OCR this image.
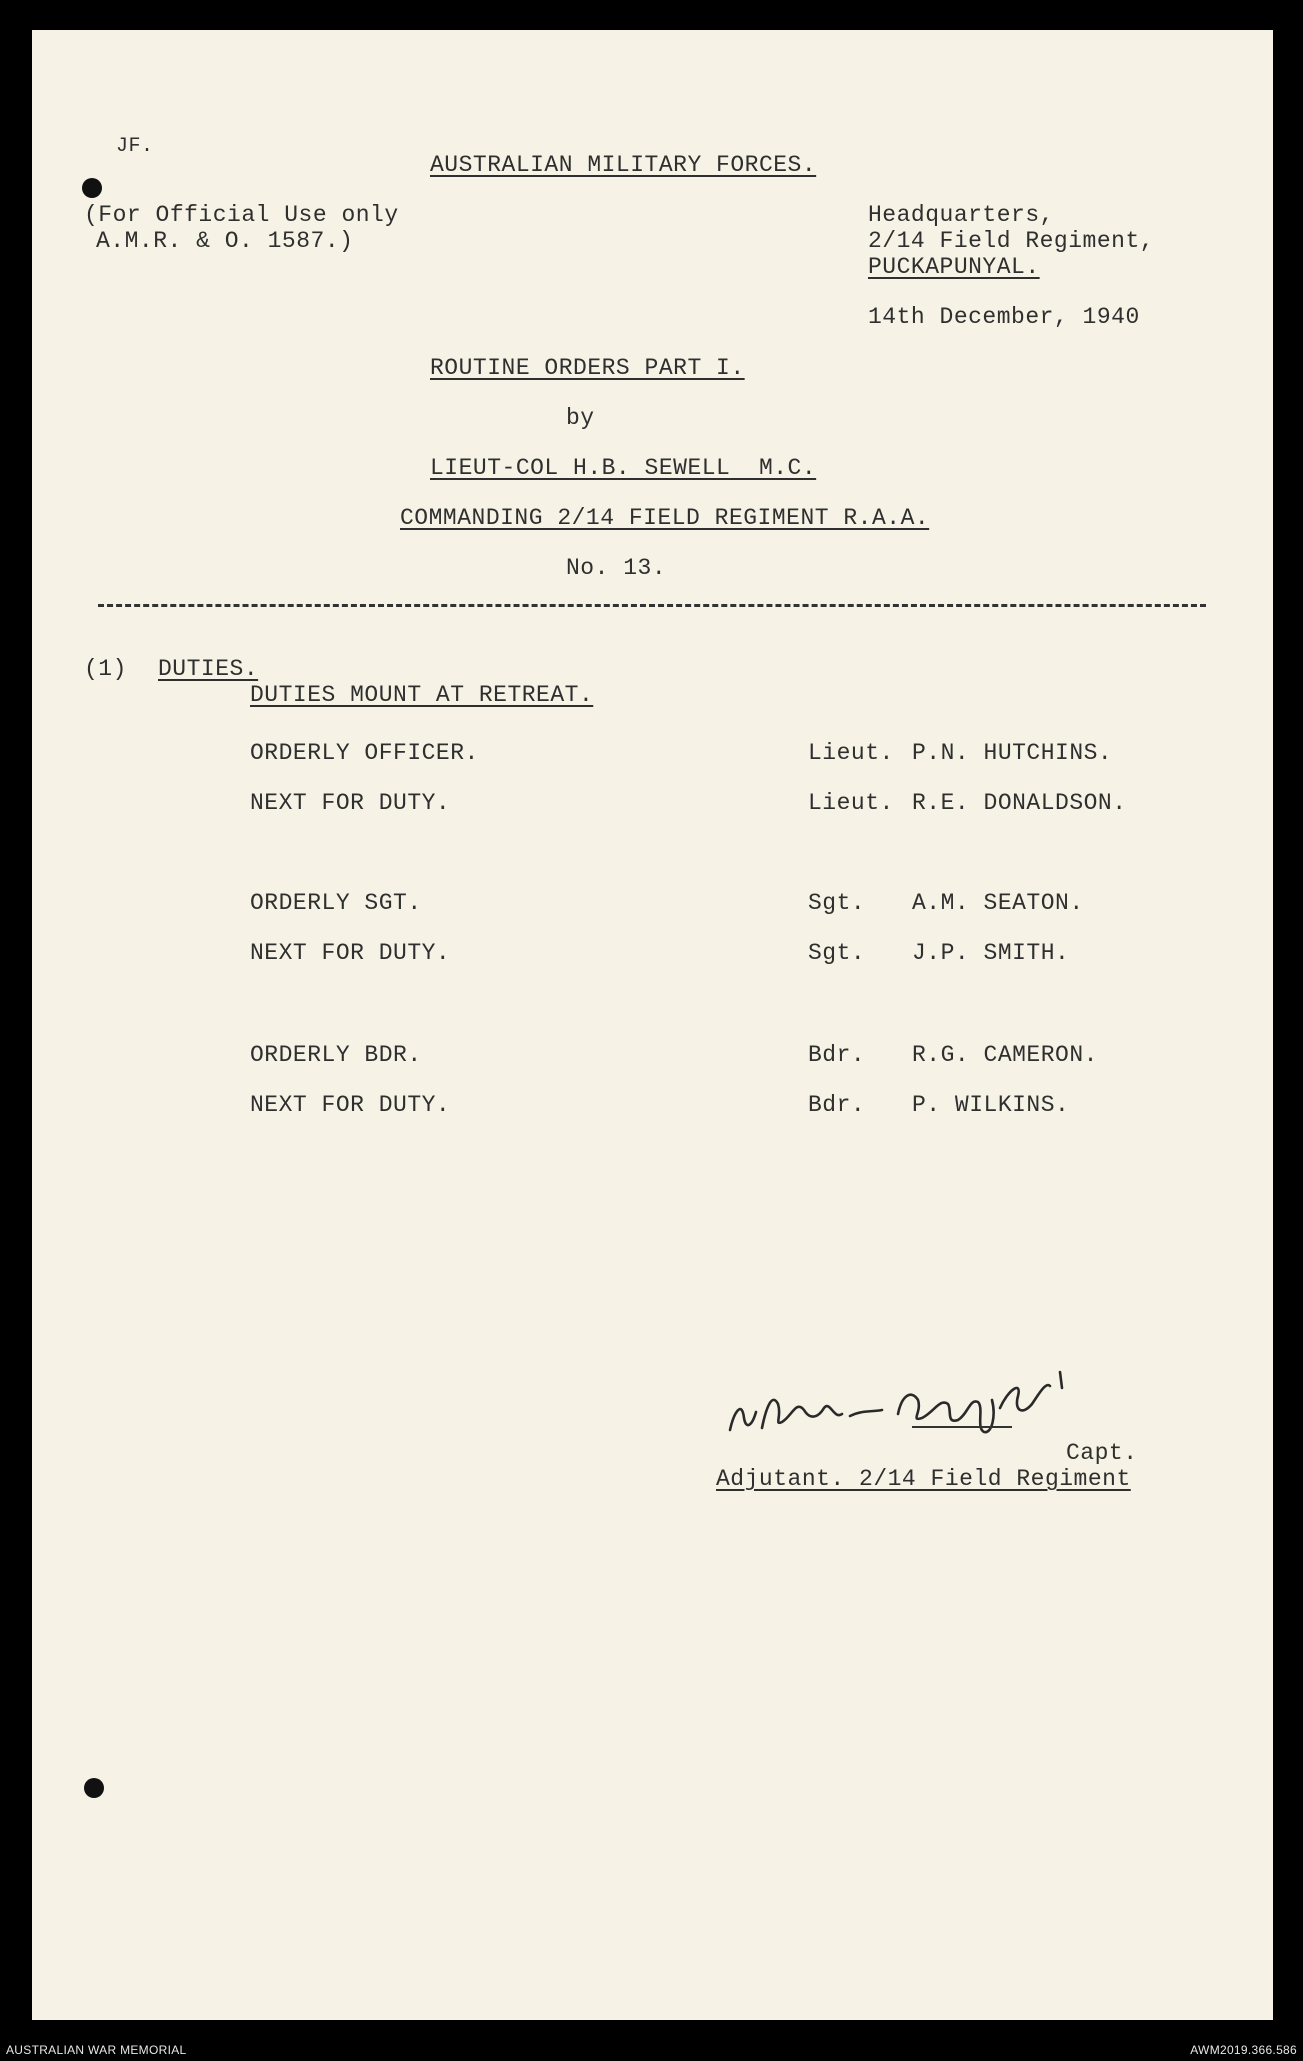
JF.
AUSTRALIAN MILITARY FORCES.
(For Official Use only
A.M.R. & O. 1587.)
Headquarters,
2/14 Field Regiment,
PUCKAPUNYAL.
14th December, 1940
ROUTINE ORDERS PART I.
by
LIEUT-COL H.B. SEWELL  M.C.
COMMANDING 2/14 FIELD REGIMENT R.A.A.
No. 13.
(1) DUTIES.
DUTIES MOUNT AT RETREAT.
ORDERLY OFFICER.	Lieut. P.N. HUTCHINS.
NEXT FOR DUTY.	Lieut. R.E. DONALDSON.
ORDERLY SGT.	Sgt. A.M. SEATON.
NEXT FOR DUTY.	Sgt. J.P. SMITH.
ORDERLY BDR.	Bdr. R.G. CAMERON.
NEXT FOR DUTY.	Bdr. P. WILKINS.
Capt.
Adjutant. 2/14 Field Regiment
AUSTRALIAN WAR MEMORIAL	AWM2019.366.586
